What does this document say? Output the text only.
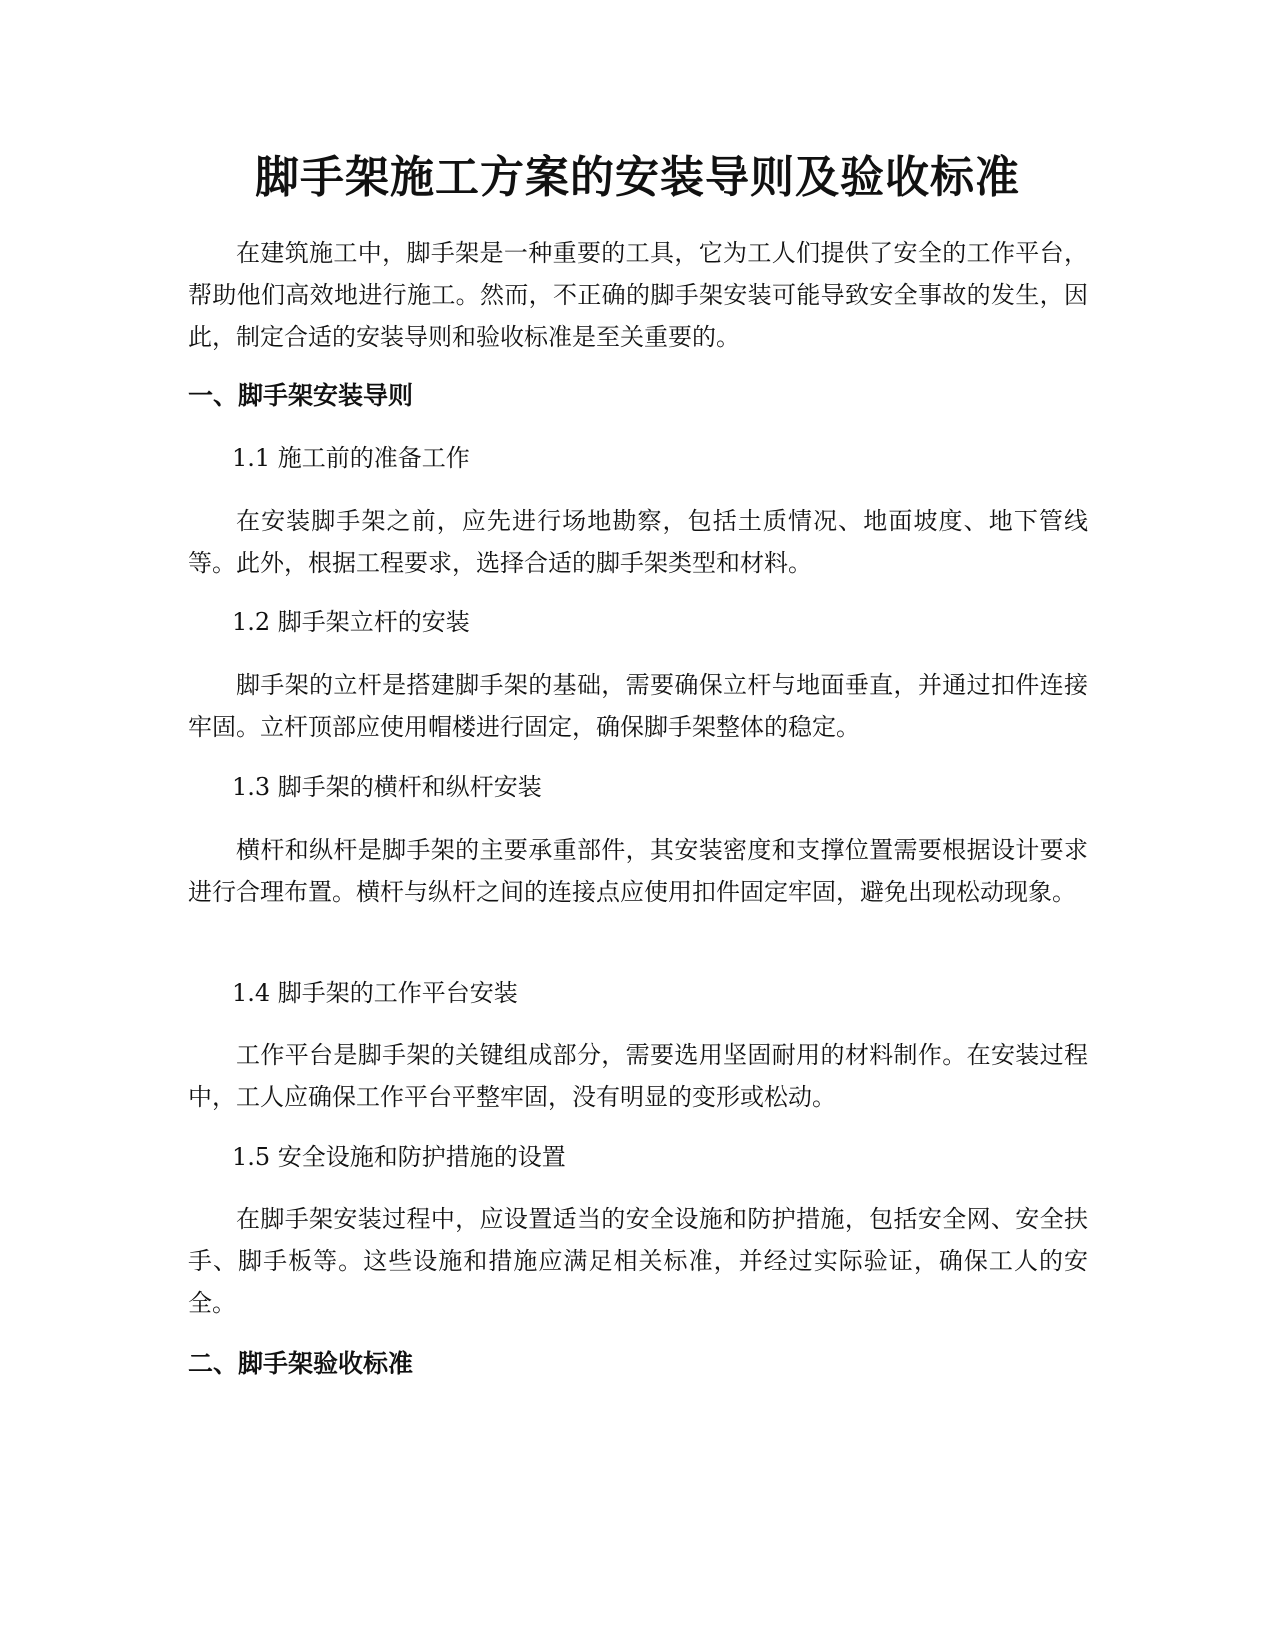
脚手架施工方案的安装导则及验收标准

在建筑施工中，脚手架是一种重要的工具，它为工人们提供了安全的工作平台，帮助他们高效地进行施工。然而，不正确的脚手架安装可能导致安全事故的发生，因此，制定合适的安装导则和验收标准是至关重要的。

一、脚手架安装导则

1.1 施工前的准备工作

在安装脚手架之前，应先进行场地勘察，包括土质情况、地面坡度、地下管线等。此外，根据工程要求，选择合适的脚手架类型和材料。

1.2 脚手架立杆的安装

脚手架的立杆是搭建脚手架的基础，需要确保立杆与地面垂直，并通过扣件连接牢固。立杆顶部应使用帽楼进行固定，确保脚手架整体的稳定。

1.3 脚手架的横杆和纵杆安装

横杆和纵杆是脚手架的主要承重部件，其安装密度和支撑位置需要根据设计要求进行合理布置。横杆与纵杆之间的连接点应使用扣件固定牢固，避免出现松动现象。

1.4 脚手架的工作平台安装

工作平台是脚手架的关键组成部分，需要选用坚固耐用的材料制作。在安装过程中，工人应确保工作平台平整牢固，没有明显的变形或松动。

1.5 安全设施和防护措施的设置

在脚手架安装过程中，应设置适当的安全设施和防护措施，包括安全网、安全扶手、脚手板等。这些设施和措施应满足相关标准，并经过实际验证，确保工人的安全。

二、脚手架验收标准
